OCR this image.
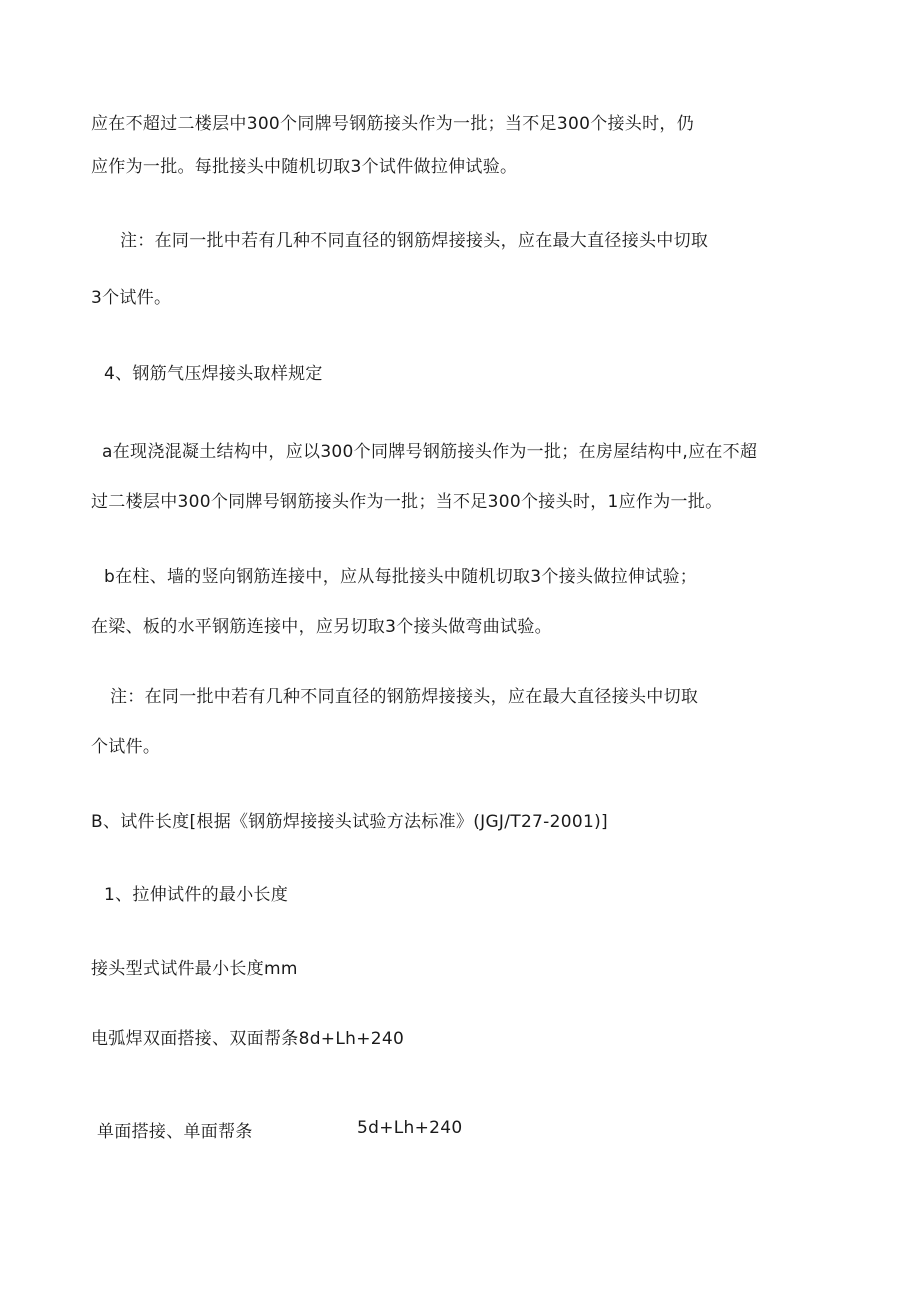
应在不超过二楼层中300个同牌号钢筋接头作为一批；当不足300个接头时，仍
应作为一批。每批接头中随机切取3个试件做拉伸试验。
注：在同一批中若有几种不同直径的钢筋焊接接头，应在最大直径接头中切取
3个试件。
4、钢筋气压焊接头取样规定
a在现浇混凝土结构中，应以300个同牌号钢筋接头作为一批；在房屋结构中,应在不超
过二楼层中300个同牌号钢筋接头作为一批；当不足300个接头时，1应作为一批。
b在柱、墙的竖向钢筋连接中，应从每批接头中随机切取3个接头做拉伸试验；
在梁、板的水平钢筋连接中，应另切取3个接头做弯曲试验。
注：在同一批中若有几种不同直径的钢筋焊接接头，应在最大直径接头中切取
个试件。
B、试件长度[根据《钢筋焊接接头试验方法标准》(JGJ/T27-2001)]
1、拉伸试件的最小长度
接头型式试件最小长度mm
电弧焊双面搭接、双面帮条8d+Lh+240
单面搭接、单面帮条	5d+Lh+240
